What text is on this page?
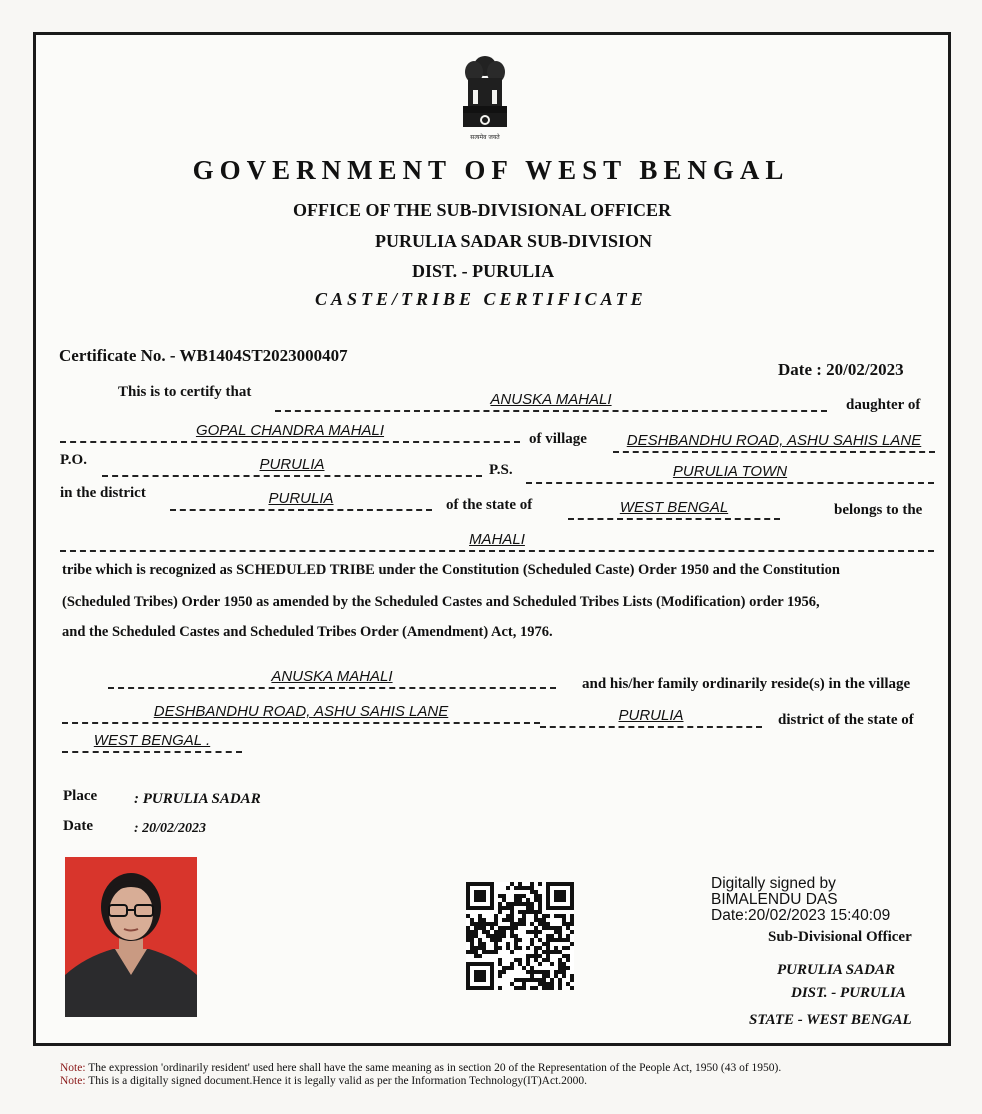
सत्यमेव जयते
GOVERNMENT OF WEST BENGAL
OFFICE OF THE SUB-DIVISIONAL OFFICER
PURULIA SADAR SUB-DIVISION
DIST. - PURULIA
CASTE/TRIBE CERTIFICATE
Certificate No. - WB1404ST2023000407
Date : 20/02/2023
This is to certify that	ANUSKA MAHALI	daughter of
GOPAL CHANDRA MAHALI	of village	DESHBANDHU ROAD, ASHU SAHIS LANE
P.O.	PURULIA	P.S.	PURULIA TOWN
in the district	PURULIA	of the state of	WEST BENGAL	belongs to the
MAHALI
tribe which is recognized as SCHEDULED TRIBE under the Constitution (Scheduled Caste) Order 1950 and the Constitution
(Scheduled Tribes) Order 1950 as amended by the Scheduled Castes and Scheduled Tribes Lists (Modification) order 1956,
and the Scheduled Castes and Scheduled Tribes Order (Amendment) Act, 1976.
ANUSKA MAHALI	and his/her family ordinarily reside(s) in the village
DESHBANDHU ROAD, ASHU SAHIS LANE	PURULIA	district of the state of
WEST BENGAL .
Place : PURULIA SADAR
Date	: 20/02/2023
Digitally signed by
BIMALENDU DAS
Date:20/02/2023 15:40:09
Sub-Divisional Officer
PURULIA SADAR
DIST. - PURULIA
STATE - WEST BENGAL
Note: The expression 'ordinarily resident' used here shall have the same meaning as in section 20 of the Representation of the People Act, 1950 (43 of 1950).
Note: This is a digitally signed document.Hence it is legally valid as per the Information Technology(IT)Act.2000.
